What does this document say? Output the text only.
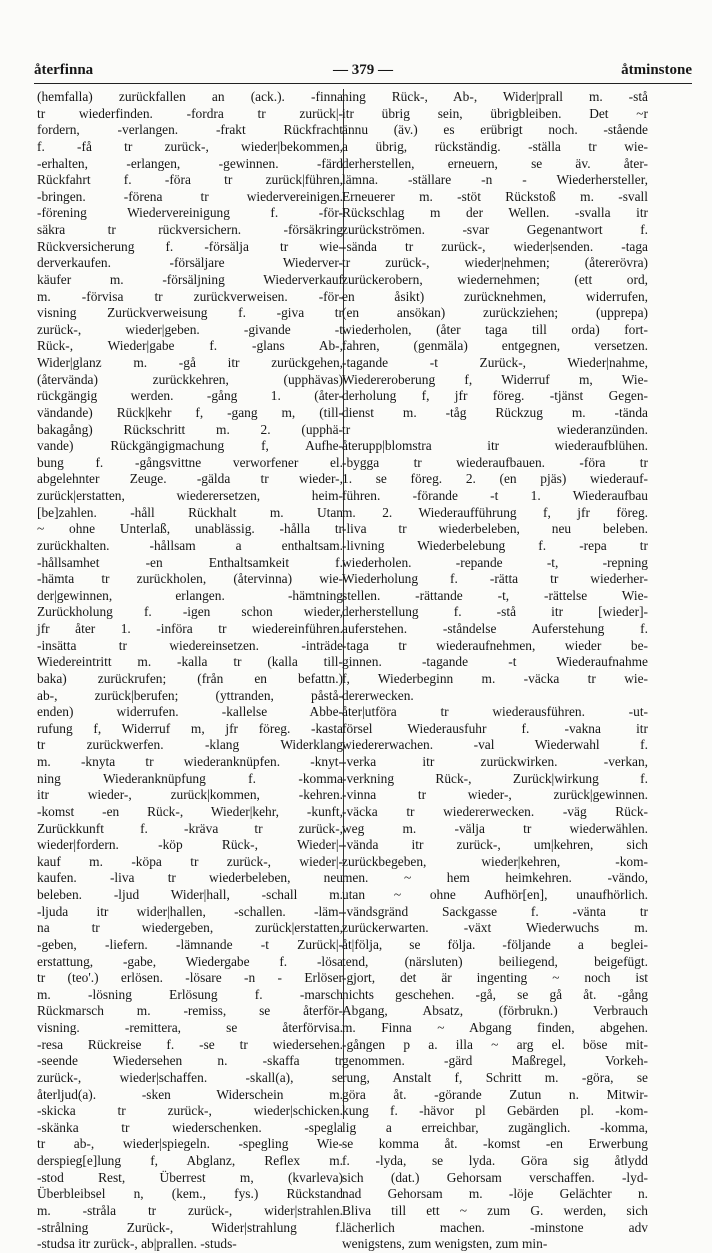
återfinna	— 379 —	åtminstone
(hemfalla) zurückfallen an (ack.). -finna
tr wiederfinden. -fordra tr zurück|-
fordern, -verlangen. -frakt Rückfracht
f. -få tr zurück-, wieder|bekommen,
-erhalten, -erlangen, -gewinnen. -färd
Rückfahrt f. -föra tr zurück|führen,
-bringen. -förena tr wiedervereinigen.
-förening Wiedervereinigung f. -för-
säkra tr rückversichern. -försäkring
Rückversicherung f. -försälja tr wie-
derverkaufen. -försäljare Wiederver-
käufer m. -försäljning Wiederverkauf
m. -förvisa tr zurückverweisen. -för-
visning Zurückverweisung f. -giva tr
zurück-, wieder|geben. -givande -t
Rück-, Wieder|gabe f. -glans Ab-,
Wider|glanz m. -gå itr zurückgehen,
(återvända) zurückkehren, (upphävas)
rückgängig werden. -gång 1. (åter-
vändande) Rück|kehr f, -gang m, (till-
bakagång) Rückschritt m. 2. (upphä-
vande) Rückgängigmachung f, Aufhe-
bung f. -gångsvittne verworfener el.
abgelehnter Zeuge. -gälda tr wieder-,
zurück|erstatten, wiederersetzen, heim-
[be]zahlen. -håll Rückhalt m. Utan
~ ohne Unterlaß, unablässig. -hålla tr
zurückhalten. -hållsam a enthaltsam.
-hållsamhet -en Enthaltsamkeit f.
-hämta tr zurückholen, (återvinna) wie-
der|gewinnen, erlangen. -hämtning
Zurückholung f. -igen schon wieder,
jfr åter 1. -införa tr wiedereinführen.
-insätta tr wiedereinsetzen. -inträde
Wiedereintritt m. -kalla tr (kalla till-
baka) zurückrufen; (från en befattn.)
ab-, zurück|berufen; (yttranden, påstå-
enden) widerrufen. -kallelse Abbe-
rufung f, Widerruf m, jfr föreg. -kasta
tr zurückwerfen. -klang Widerklang
m. -knyta tr wiederanknüpfen. -knyt-
ning Wiederanknüpfung f. -komma
itr wieder-, zurück|kommen, -kehren.
-komst -en Rück-, Wieder|kehr, -kunft,
Zurückkunft f. -kräva tr zurück-,
wieder|fordern. -köp Rück-, Wieder|-
kauf m. -köpa tr zurück-, wieder|-
kaufen. -liva tr wiederbeleben, neu
beleben. -ljud Wider|hall, -schall m.
-ljuda itr wider|hallen, -schallen. -läm-
na tr wiedergeben, zurück|erstatten,
-geben, -liefern. -lämnande -t Zurück|-
erstattung, -gabe, Wiedergabe f. -lösa
tr (teo'.) erlösen. -lösare -n - Erlöser
m. -lösning Erlösung f. -marsch
Rückmarsch m. -remiss, se återför-
visning. -remittera, se återförvisa.
-resa Rückreise f. -se tr wiedersehen.
-seende Wiedersehen n. -skaffa tr
zurück-, wieder|schaffen. -skall(a), se
återljud(a). -sken Widerschein m.
-skicka tr zurück-, wieder|schicken.
-skänka tr wiederschenken. -spegla
tr ab-, wieder|spiegeln. -spegling Wie-
derspieg[e]lung f, Abglanz, Reflex m.
-stod Rest, Überrest m, (kvarleva)
Überbleibsel n, (kem., fys.) Rückstand
m. -stråla tr zurück-, wider|strahlen.
-strålning Zurück-, Wider|strahlung f.
-studsa itr zurück-, ab|prallen. -studs-
ning Rück-, Ab-, Wider|prall m. -stå
itr übrig sein, übrigbleiben. Det ~r
ännu (äv.) es erübrigt noch. -stående
a übrig, rückständig. -ställa tr wie-
derherstellen, erneuern, se äv. åter-
lämna. -ställare -n - Wiederhersteller,
Erneuerer m. -stöt Rückstoß m. -svall
Rückschlag m der Wellen. -svalla itr
zurückströmen. -svar Gegenantwort f.
-sända tr zurück-, wieder|senden. -taga
tr zurück-, wieder|nehmen; (återerövra)
zurückerobern, wiedernehmen; (ett ord,
en åsikt) zurücknehmen, widerrufen,
(en ansökan) zurückziehen; (upprepa)
wiederholen, (åter taga till orda) fort-
fahren, (genmäla) entgegnen, versetzen.
-tagande -t Zurück-, Wieder|nahme,
Wiedereroberung f, Widerruf m, Wie-
derholung f, jfr föreg. -tjänst Gegen-
dienst m. -tåg Rückzug m. -tända
tr wiederanzünden.
återupp|blomstra itr wiederaufblühen.
-bygga tr wiederaufbauen. -föra tr
1. se föreg. 2. (en pjäs) wiederauf-
führen. -förande -t 1. Wiederaufbau
m. 2. Wiederaufführung f, jfr föreg.
-liva tr wiederbeleben, neu beleben.
-livning Wiederbelebung f. -repa tr
wiederholen. -repande -t, -repning
Wiederholung f. -rätta tr wiederher-
stellen. -rättande -t, -rättelse Wie-
derherstellung f. -stå itr [wieder]-
auferstehen. -ståndelse Auferstehung f.
-taga tr wiederaufnehmen, wieder be-
ginnen. -tagande -t Wiederaufnahme
f, Wiederbeginn m. -väcka tr wie-
dererwecken.
åter|utföra tr wiederausführen. -ut-
försel Wiederausfuhr f. -vakna itr
wiedererwachen. -val Wiederwahl f.
-verka itr zurückwirken. -verkan,
-verkning Rück-, Zurück|wirkung f.
-vinna tr wieder-, zurück|gewinnen.
-väcka tr wiedererwecken. -väg Rück-
weg m. -välja tr wiederwählen.
-vända itr zurück-, um|kehren, sich
zurückbegeben, wieder|kehren, -kom-
men. ~ hem heimkehren. -vändo,
utan ~ ohne Aufhör[en], unaufhörlich.
-vändsgränd Sackgasse f. -vänta tr
zurückerwarten. -växt Wiederwuchs m.
åt|följa, se följa. -följande a beglei-
tend, (närsluten) beiliegend, beigefügt.
-gjort, det är ingenting ~ noch ist
nichts geschehen. -gå, se gå åt. -gång
Abgang, Absatz, (förbrukn.) Verbrauch
m. Finna ~ Abgang finden, abgehen.
-gången p a. illa ~ arg el. böse mit-
genommen. -gärd Maßregel, Vorkeh-
rung, Anstalt f, Schritt m. -göra, se
göra åt. -görande Zutun n. Mitwir-
kung f. -hävor pl Gebärden pl. -kom-
lig a erreichbar, zugänglich. -komma,
se komma åt. -komst -en Erwerbung
f. -lyda, se lyda. Göra sig åtlydd
sich (dat.) Gehorsam verschaffen. -lyd-
nad Gehorsam m. -löje Gelächter n.
Bliva till ett ~ zum G. werden, sich
lächerlich machen. -minstone adv
wenigstens, zum wenigsten, zum min-
